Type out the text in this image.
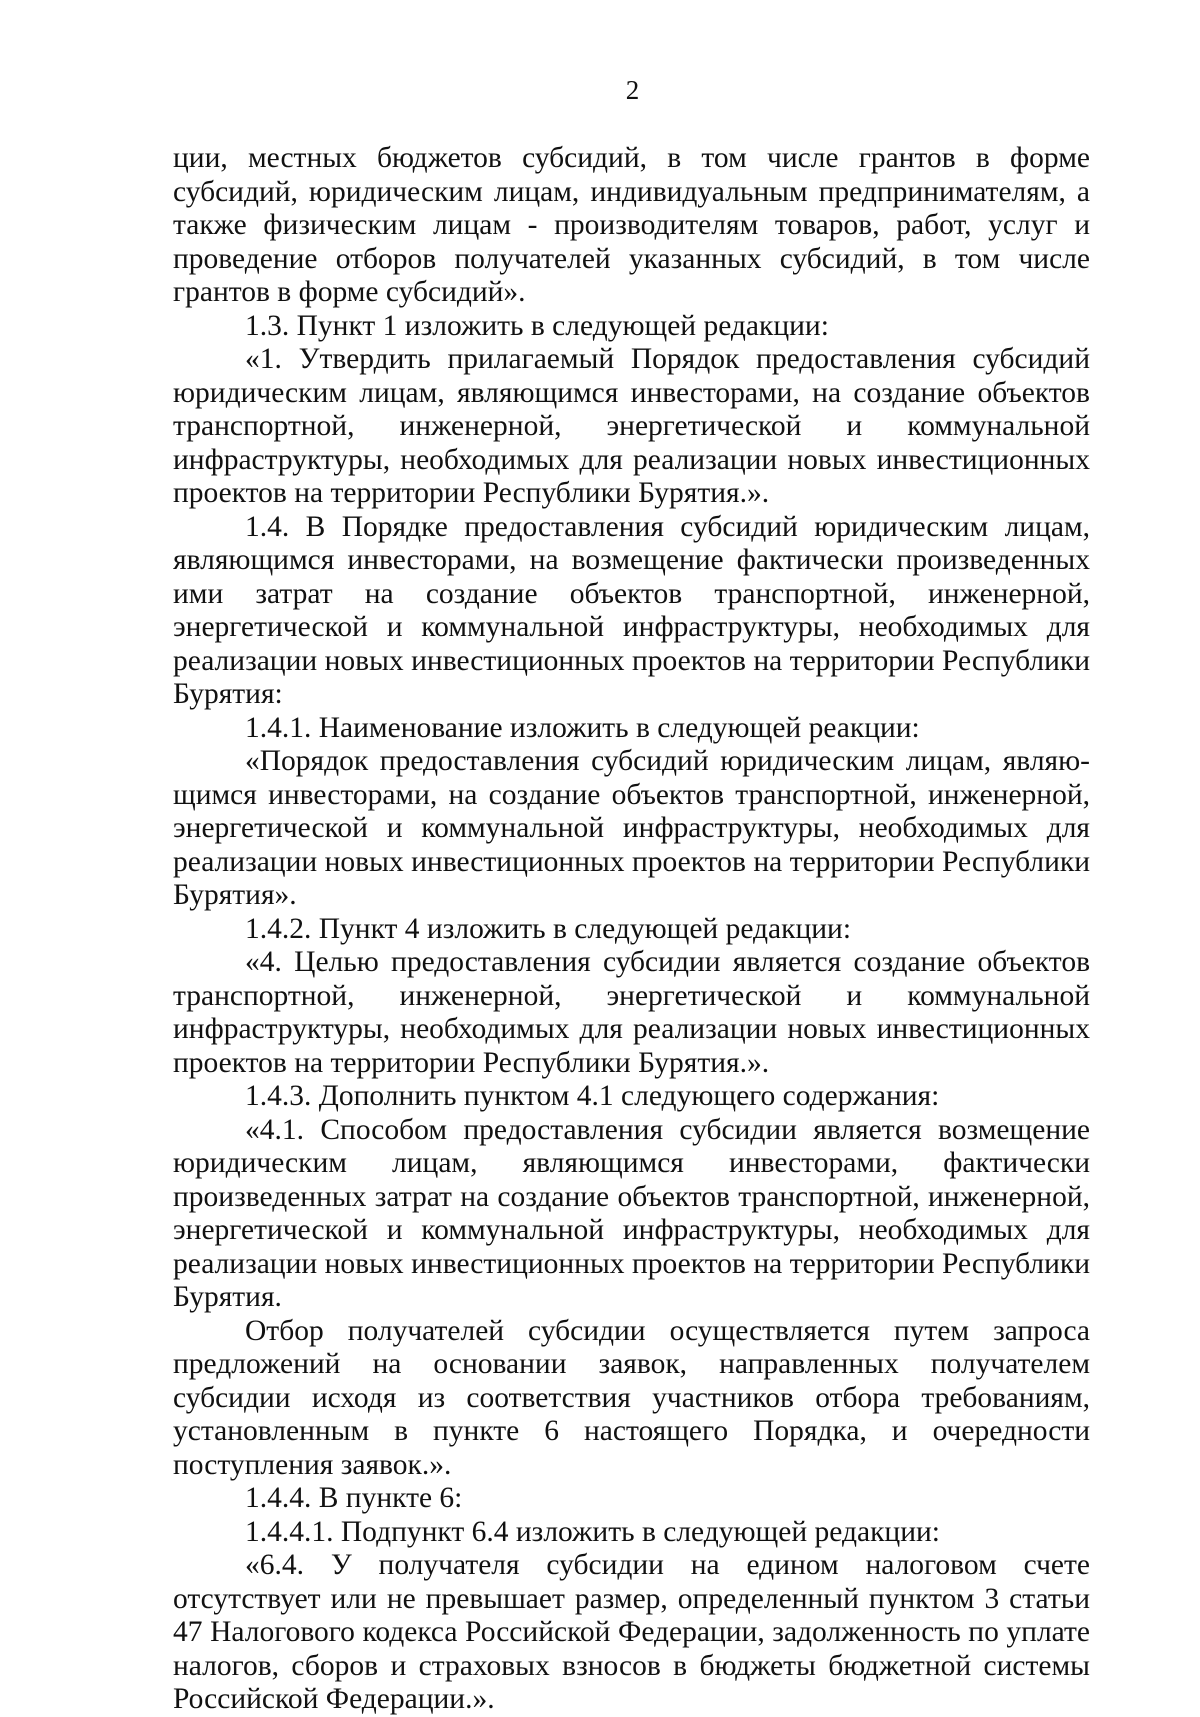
2

ции, местных бюджетов субсидий, в том числе грантов в форме субсидий, юридическим лицам, индивидуальным предпринимателям, а также физическим лицам - производителям товаров, работ, услуг и проведение отборов получателей указанных субсидий, в том числе грантов в форме субсидий».

1.3. Пункт 1 изложить в следующей редакции:

«1. Утвердить прилагаемый Порядок предоставления субсидий юридическим лицам, являющимся инвесторами, на создание объектов транспортной, инженерной, энергетической и коммунальной инфраструктуры, необходимых для реализации новых инвестиционных проектов на территории Республики Бурятия.».

1.4. В Порядке предоставления субсидий юридическим лицам, являющимся инвесторами, на возмещение фактически произведенных ими затрат на создание объектов транспортной, инженерной, энергетической и коммунальной инфраструктуры, необходимых для реализации новых инвестиционных проектов на территории Республики Бурятия:

1.4.1. Наименование изложить в следующей реакции:

«Порядок предоставления субсидий юридическим лицам, являющимся инвесторами, на создание объектов транспортной, инженерной, энергетической и коммунальной инфраструктуры, необходимых для реализации новых инвестиционных проектов на территории Республики Бурятия».

1.4.2. Пункт 4 изложить в следующей редакции:

«4. Целью предоставления субсидии является создание объектов транспортной, инженерной, энергетической и коммунальной инфраструктуры, необходимых для реализации новых инвестиционных проектов на территории Республики Бурятия.».

1.4.3. Дополнить пунктом 4.1 следующего содержания:

«4.1. Способом предоставления субсидии является возмещение юридическим лицам, являющимся инвесторами, фактически произведенных затрат на создание объектов транспортной, инженерной, энергетической и коммунальной инфраструктуры, необходимых для реализации новых инвестиционных проектов на территории Республики Бурятия.

Отбор получателей субсидии осуществляется путем запроса предложений на основании заявок, направленных получателем субсидии исходя из соответствия участников отбора требованиям, установленным в пункте 6 настоящего Порядка, и очередности поступления заявок.».

1.4.4. В пункте 6:

1.4.4.1. Подпункт 6.4 изложить в следующей редакции:

«6.4. У получателя субсидии на едином налоговом счете отсутствует или не превышает размер, определенный пунктом 3 статьи 47 Налогового кодекса Российской Федерации, задолженность по уплате налогов, сборов и страховых взносов в бюджеты бюджетной системы Российской Федерации.».
